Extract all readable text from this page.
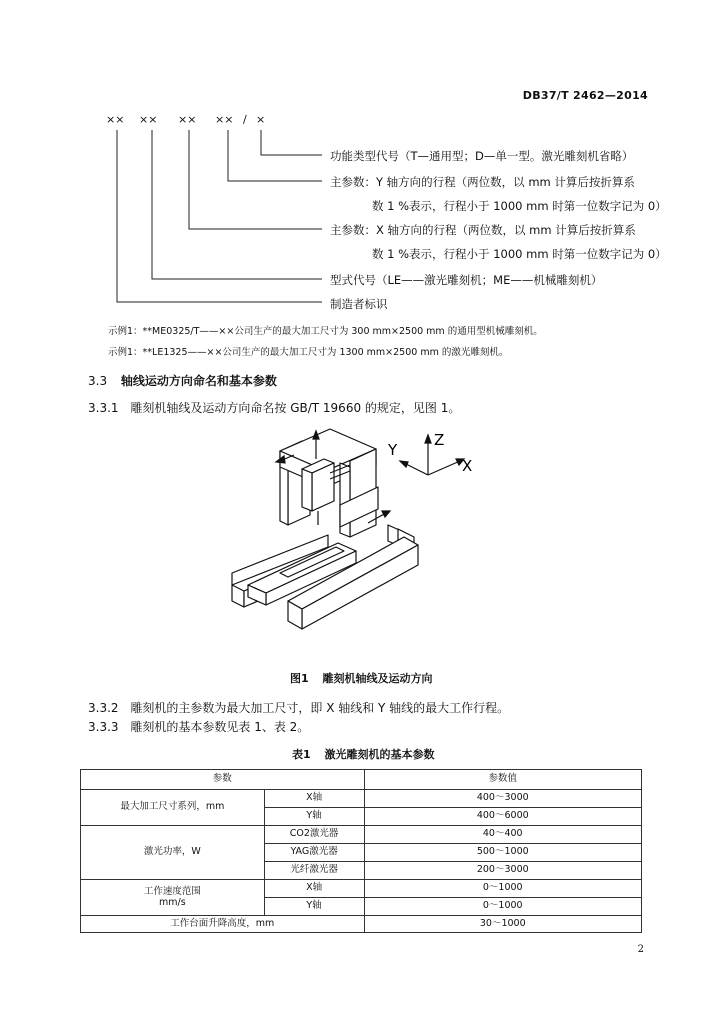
DB37/T 2462—2014
×× ×× ×× ×× / ×
功能类型代号（T—通用型；D—单一型。激光雕刻机省略）
主参数：Y 轴方向的行程（两位数，以 mm 计算后按折算系
数 1 %表示，行程小于 1000 mm 时第一位数字记为 0）
主参数：X 轴方向的行程（两位数，以 mm 计算后按折算系
数 1 %表示，行程小于 1000 mm 时第一位数字记为 0）
型式代号（LE——激光雕刻机；ME——机械雕刻机）
制造者标识
示例1：**ME0325/T——××公司生产的最大加工尺寸为 300 mm×2500 mm 的通用型机械雕刻机。
示例1：**LE1325——××公司生产的最大加工尺寸为 1300 mm×2500 mm 的激光雕刻机。
3.3 轴线运动方向命名和基本参数
3.3.1 雕刻机轴线及运动方向命名按 GB/T 19660 的规定，见图 1。
Y
Z
X
图1 雕刻机轴线及运动方向
3.3.2 雕刻机的主参数为最大加工尺寸，即 X 轴线和 Y 轴线的最大工作行程。
3.3.3 雕刻机的基本参数见表 1、表 2。
表1 激光雕刻机的基本参数
参数		参数值
最大加工尺寸系列，mm	X轴	400～3000
	Y轴	400～6000
激光功率，W	CO2激光器	40～400
	YAG激光器	500～1000
	光纤激光器	200～3000

工作速度范围
mm/s	X轴	0～1000
	Y轴	0～1000
工作台面升降高度，mm		30～1000
2
